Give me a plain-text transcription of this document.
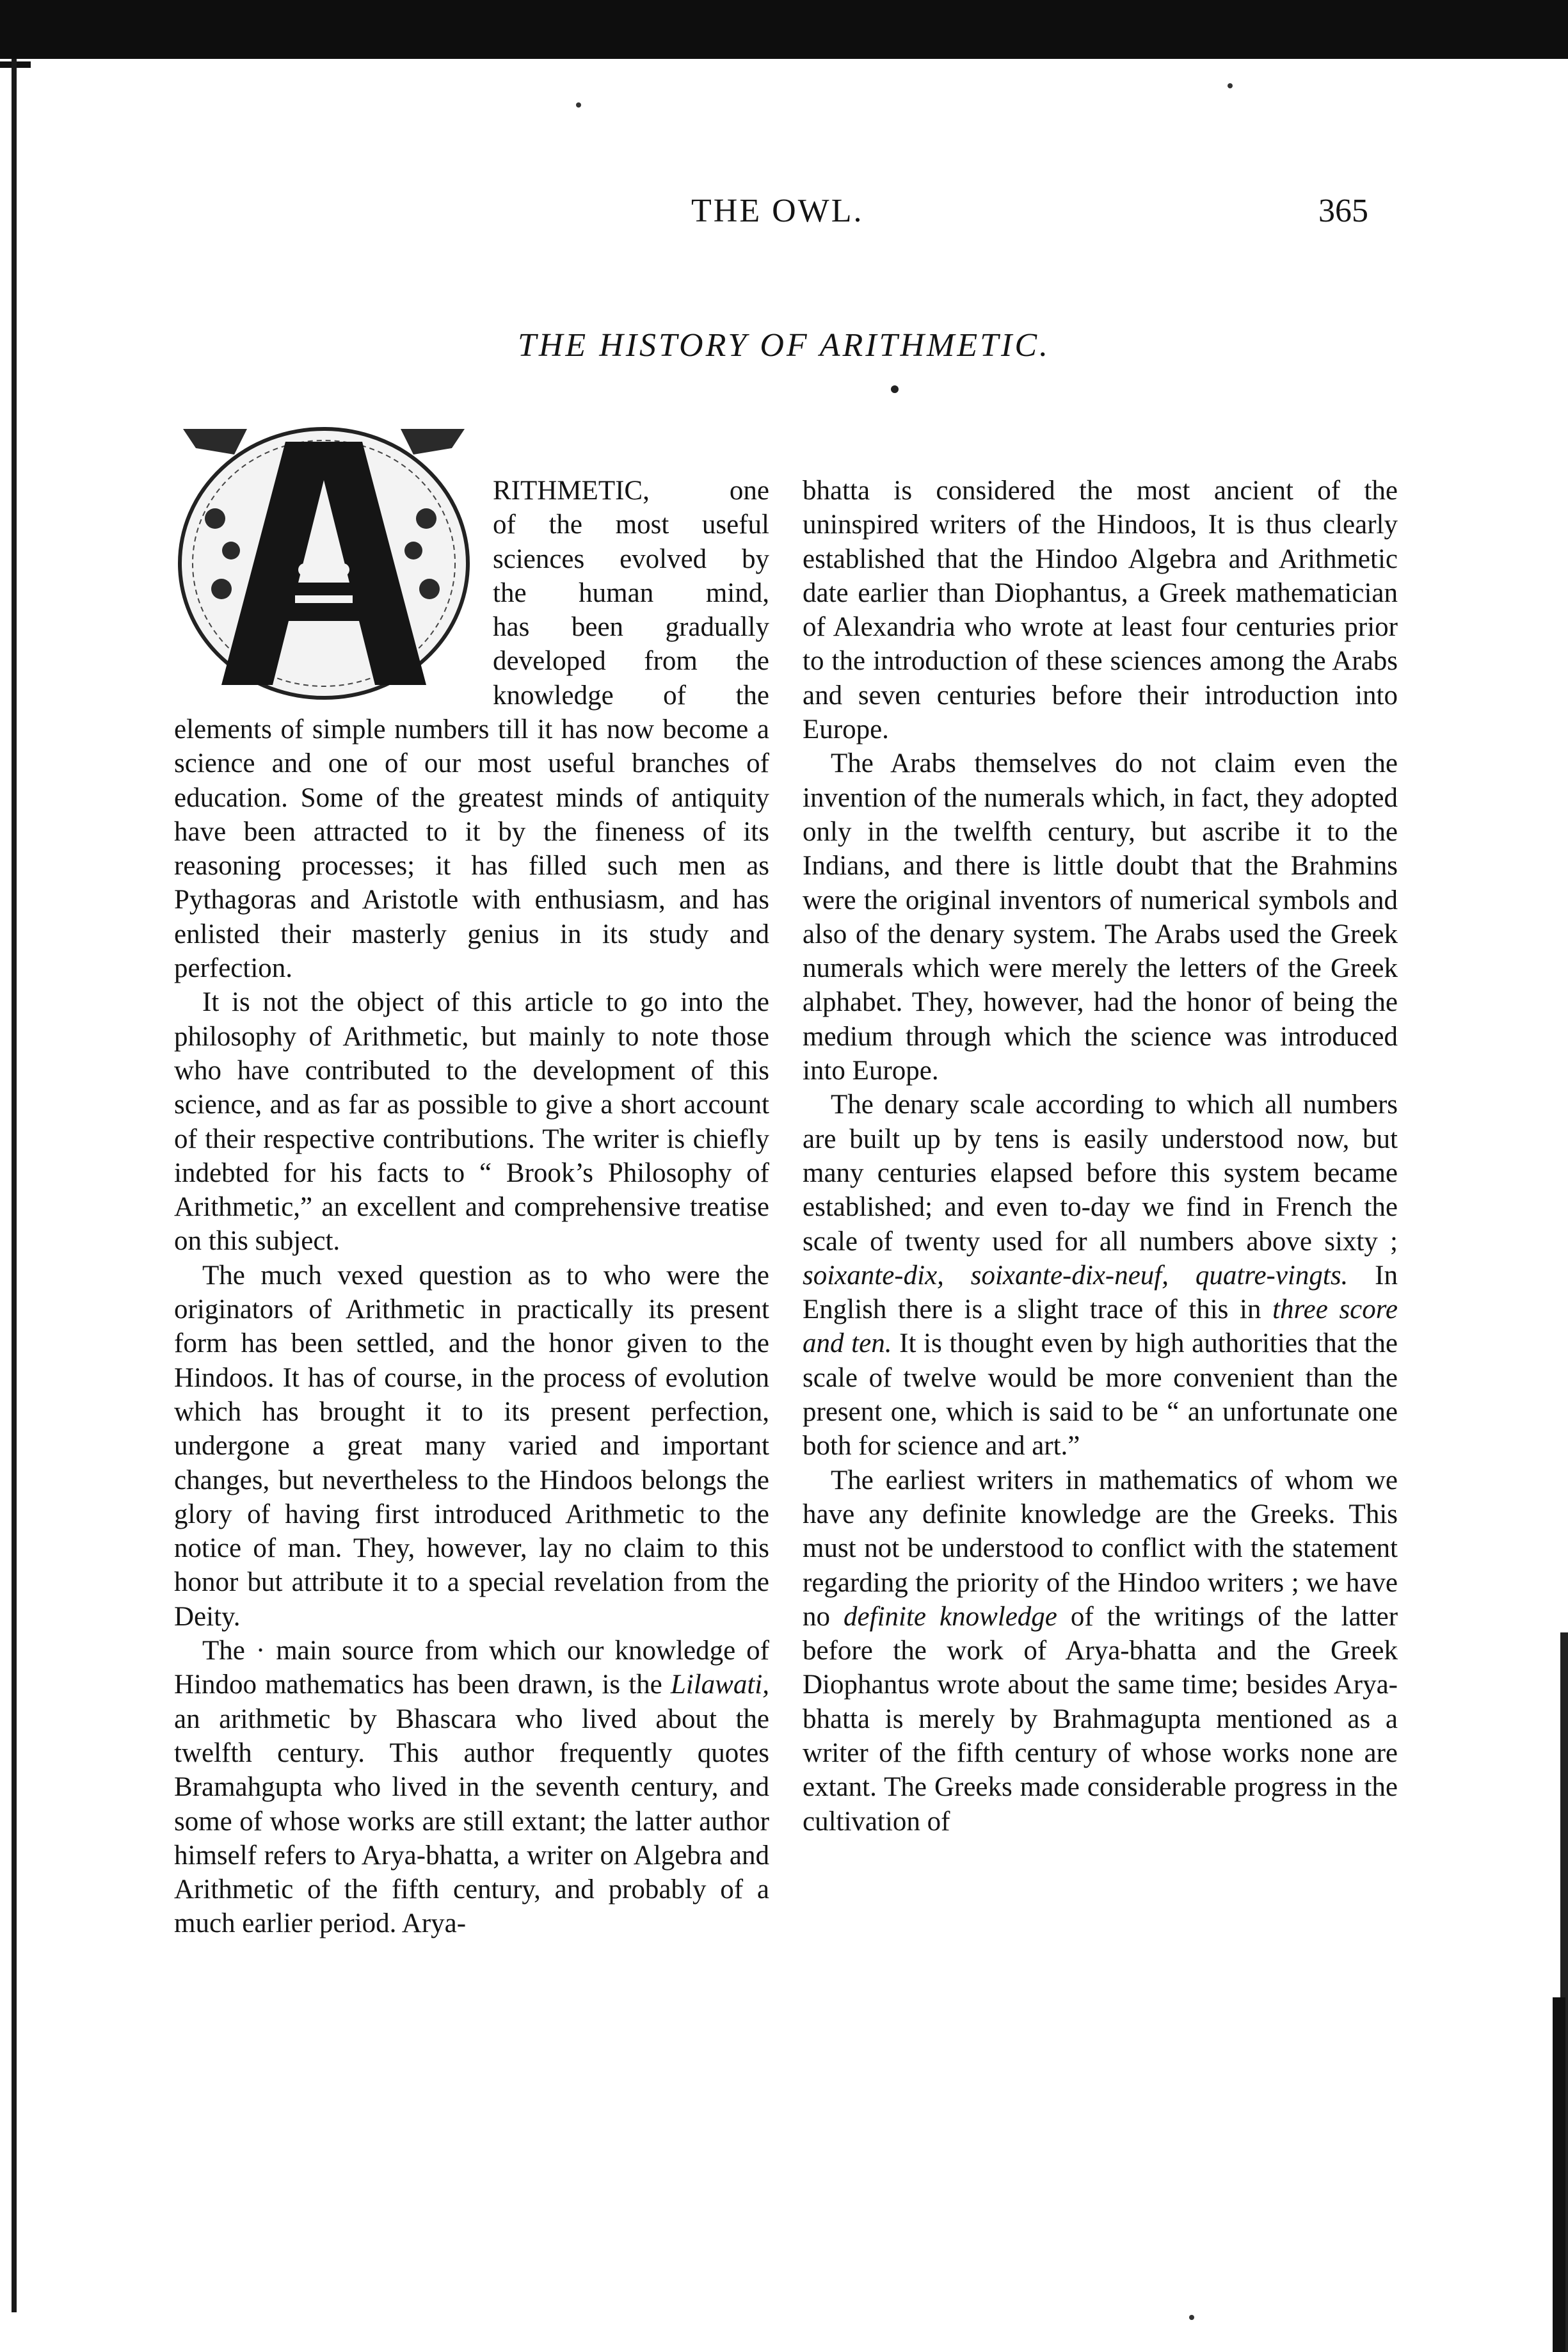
THE OWL.	365
THE HISTORY OF ARITHMETIC.
A
RITHMETIC, one
of the most useful
sciences evolved by
the human mind,
has been gradually
developed from the
knowledge of the

elements of simple numbers till it has now become a science and one of our most useful branches of education. Some of the greatest minds of antiquity have been attracted to it by the fineness of its reasoning processes; it has filled such men as Pythagoras and Aristotle with enthusiasm, and has enlisted their masterly genius in its study and perfection.

It is not the object of this article to go into the philosophy of Arithmetic, but mainly to note those who have contributed to the development of this science, and as far as possible to give a short account of their respective contributions. The writer is chiefly indebted for his facts to “ Brook’s Philosophy of Arithmetic,” an excellent and comprehensive treatise on this subject.

The much vexed question as to who were the originators of Arithmetic in practically its present form has been settled, and the honor given to the Hindoos. It has of course, in the process of evolution which has brought it to its present perfection, undergone a great many varied and important changes, but nevertheless to the Hindoos belongs the glory of having first introduced Arithmetic to the notice of man. They, however, lay no claim to this honor but attribute it to a special revelation from the Deity.

The · main source from which our knowledge of Hindoo mathematics has been drawn, is the Lilawati, an arithmetic by Bhascara who lived about the twelfth century. This author frequently quotes Bramahgupta who lived in the seventh century, and some of whose works are still extant; the latter author himself refers to Arya-bhatta, a writer on Algebra and Arithmetic of the fifth century, and probably of a much earlier period. Arya-

bhatta is considered the most ancient of the uninspired writers of the Hindoos, It is thus clearly established that the Hindoo Algebra and Arithmetic date earlier than Diophantus, a Greek mathematician of Alexandria who wrote at least four centuries prior to the introduction of these sciences among the Arabs and seven centuries before their introduction into Europe.

The Arabs themselves do not claim even the invention of the numerals which, in fact, they adopted only in the twelfth century, but ascribe it to the Indians, and there is little doubt that the Brahmins were the original inventors of numerical symbols and also of the denary system. The Arabs used the Greek numerals which were merely the letters of the Greek alphabet. They, however, had the honor of being the medium through which the science was introduced into Europe.

The denary scale according to which all numbers are built up by tens is easily understood now, but many centuries elapsed before this system became established; and even to-day we find in French the scale of twenty used for all numbers above sixty ; soixante-dix, soixante-dix-neuf, quatre-vingts. In English there is a slight trace of this in three score and ten. It is thought even by high authorities that the scale of twelve would be more convenient than the present one, which is said to be “ an unfortunate one both for science and art.”

The earliest writers in mathematics of whom we have any definite knowledge are the Greeks. This must not be understood to conflict with the statement regarding the priority of the Hindoo writers ; we have no definite knowledge of the writings of the latter before the work of Arya-bhatta and the Greek Diophantus wrote about the same time; besides Arya-bhatta is merely by Brahmagupta mentioned as a writer of the fifth century of whose works none are extant. The Greeks made considerable progress in the cultivation of
